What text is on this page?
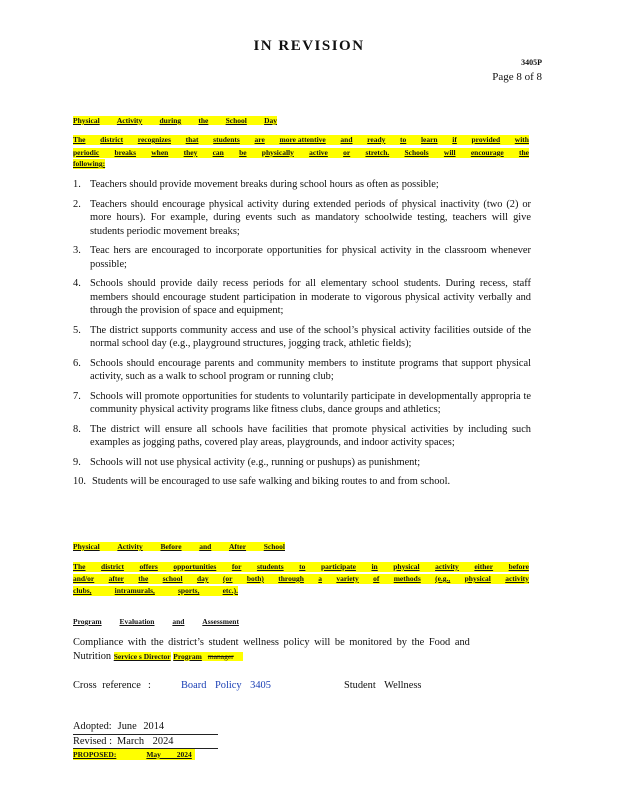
IN REVISION
3405P
Page 8 of 8
Physical Activity during the School Day
The district recognizes that students are more attentive and ready to learn if provided with
periodic breaks when they can be physically active or stretch. Schools will encourage the
following:
1. Teachers should provide movement breaks during school hours as often as possible;
2. Teachers should encourage physical activity during extended periods of physical inactivity (two (2) or more hours). For example, during events such as mandatory schoolwide testing, teachers will give students periodic movement breaks;
3. Teac hers are encouraged to incorporate opportunities for physical activity in the classroom whenever possible;
4. Schools should provide daily recess periods for all elementary school students. During recess, staff members should encourage student participation in moderate to vigorous physical activity verbally and through the provision of space and equipment;
5. The district supports community access and use of the school’s physical activity facilities outside of the normal school day (e.g., playground structures, jogging track, athletic fields);
6. Schools should encourage parents and community members to institute programs that support physical activity, such as a walk to school program or running club;
7. Schools will promote opportunities for students to voluntarily participate in developmentally appropria te community physical activity programs like fitness clubs, dance groups and athletics;
8. The district will ensure all schools have facilities that promote physical activities by including such examples as jogging paths, covered play areas, playgrounds, and indoor activity spaces;
9. Schools will not use physical activity (e.g., running or pushups) as punishment;
10. Students will be encouraged to use safe walking and biking routes to and from school.
Physical Activity Before and After School
The district offers opportunities for students to participate in physical activity either before
and/or after the school day (or both) through a variety of methods (e.g., physical activity
clubs,	intramurals,	sports,	etc.).
Program Evaluation and Assessment
Compliance with the district’s student wellness policy will be monitored by the Food and
Nutrition Service s Director Program manager
Cross reference :	Board Policy 3405	Student Wellness
Adopted: June 2014
Revised : March 2024
PROPOSED:	May 2024
